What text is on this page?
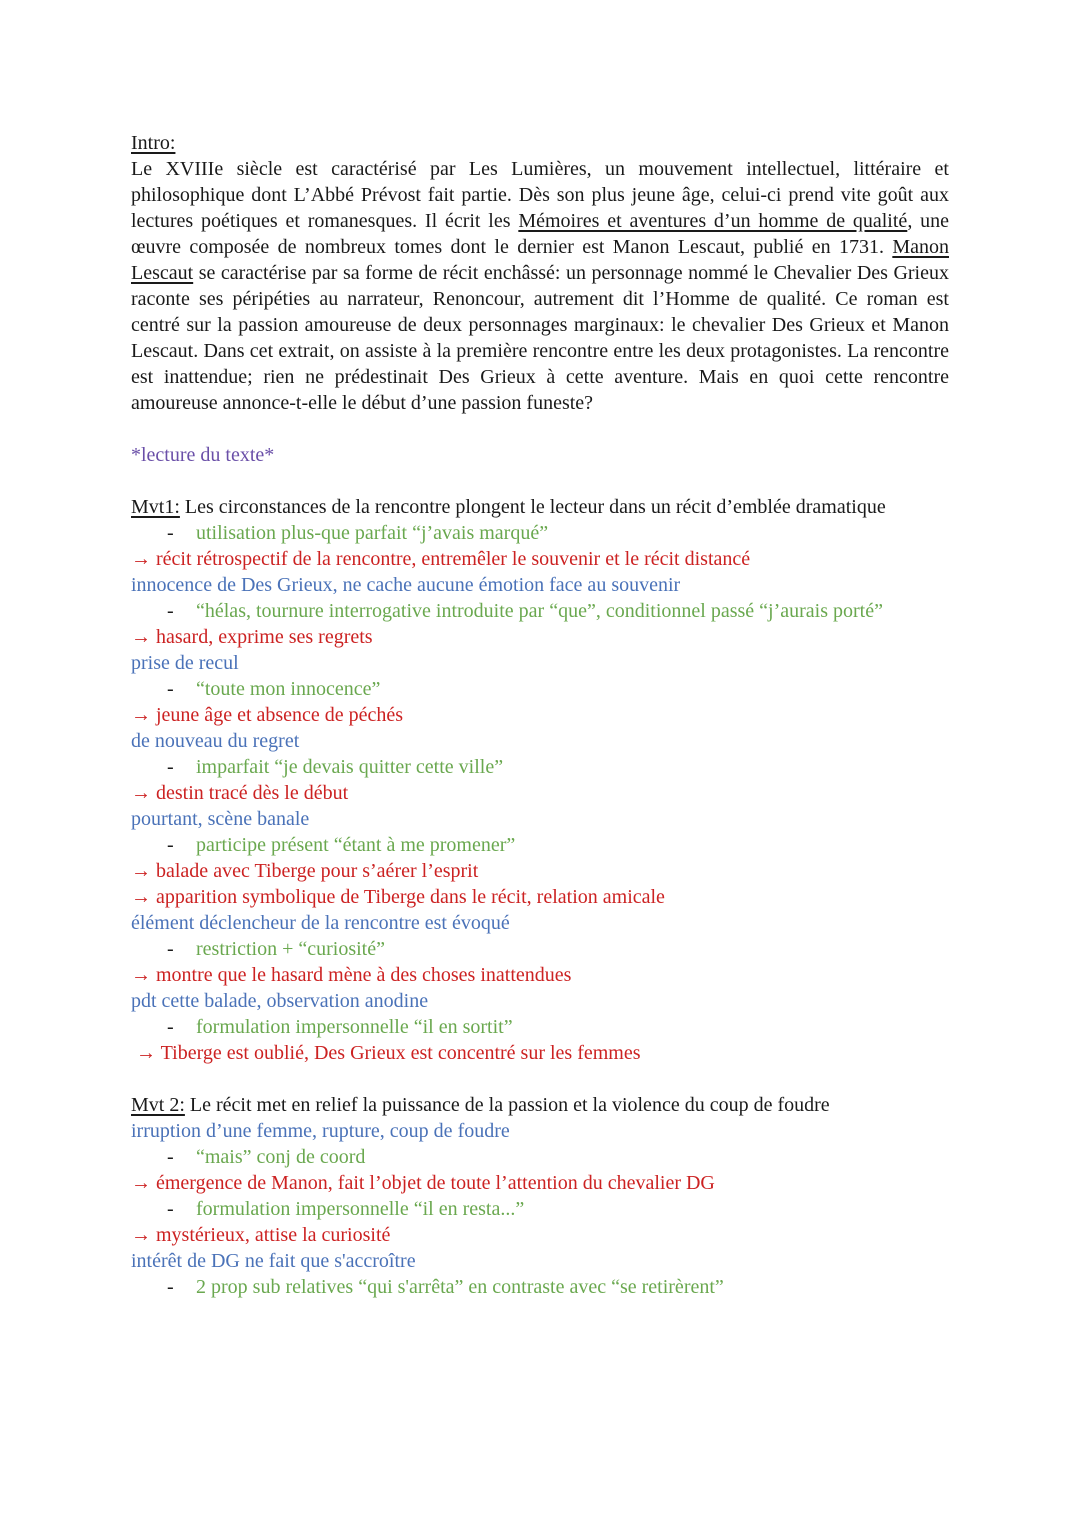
Intro:

Le XVIIIe siècle est caractérisé par Les Lumières, un mouvement intellectuel, littéraire et philosophique dont L’Abbé Prévost fait partie. Dès son plus jeune âge, celui-ci prend vite goût aux lectures poétiques et romanesques. Il écrit les Mémoires et aventures d’un homme de qualité, une œuvre composée de nombreux tomes dont le dernier est Manon Lescaut, publié en 1731. Manon Lescaut se caractérise par sa forme de récit enchâssé: un personnage nommé le Chevalier Des Grieux raconte ses péripéties au narrateur, Renoncour, autrement dit l’Homme de qualité. Ce roman est centré sur la passion amoureuse de deux personnages marginaux: le chevalier Des Grieux et Manon Lescaut. Dans cet extrait, on assiste à la première rencontre entre les deux protagonistes. La rencontre est inattendue; rien ne prédestinait Des Grieux à cette aventure. Mais en quoi cette rencontre amoureuse annonce-t-elle le début d’une passion funeste?

*lecture du texte*

Mvt1: Les circonstances de la rencontre plongent le lecteur dans un récit d’emblée dramatique

- utilisation plus-que parfait “j’avais marqué”

→ récit rétrospectif de la rencontre, entremêler le souvenir et le récit distancé

innocence de Des Grieux, ne cache aucune émotion face au souvenir

- “hélas, tournure interrogative introduite par “que”, conditionnel passé “j’aurais porté”

→ hasard, exprime ses regrets

prise de recul

- “toute mon innocence”

→ jeune âge et absence de péchés

de nouveau du regret

- imparfait “je devais quitter cette ville”

→ destin tracé dès le début

pourtant, scène banale

- participe présent “étant à me promener”

→ balade avec Tiberge pour s’aérer l’esprit

→ apparition symbolique de Tiberge dans le récit, relation amicale

élément déclencheur de la rencontre est évoqué

- restriction + “curiosité”

→ montre que le hasard mène à des choses inattendues

pdt cette balade, observation anodine

- formulation impersonnelle “il en sortit”

→ Tiberge est oublié, Des Grieux est concentré sur les femmes

Mvt 2: Le récit met en relief la puissance de la passion et la violence du coup de foudre

irruption d’une femme, rupture, coup de foudre

- “mais” conj de coord

→ émergence de Manon, fait l’objet de toute l’attention du chevalier DG

- formulation impersonnelle “il en resta...”

→ mystérieux, attise la curiosité

intérêt de DG ne fait que s'accroître

- 2 prop sub relatives “qui s'arrêta” en contraste avec “se retirèrent”
